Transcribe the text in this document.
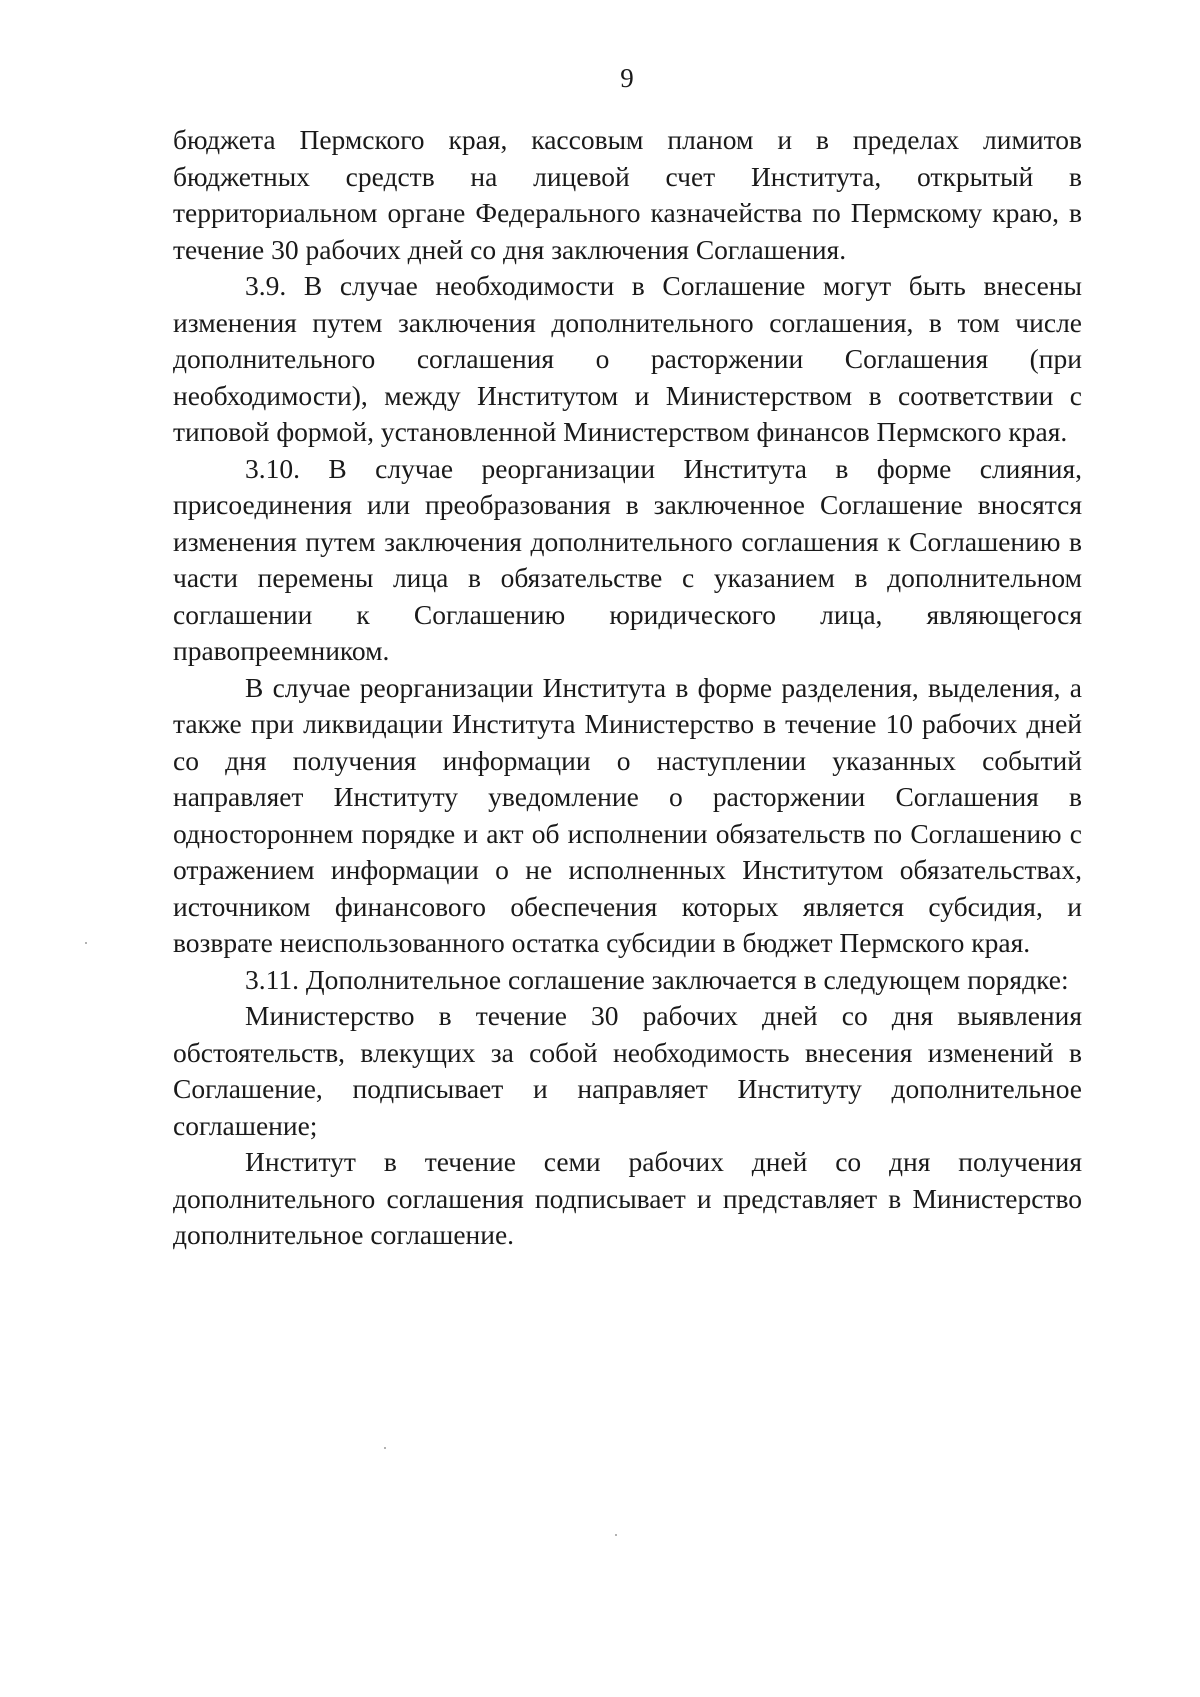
9

бюджета Пермского края, кассовым планом и в пределах лимитов бюджетных средств на лицевой счет Института, открытый в территориальном органе Федерального казначейства по Пермскому краю, в течение 30 рабочих дней со дня заключения Соглашения.

3.9. В случае необходимости в Соглашение могут быть внесены изменения путем заключения дополнительного соглашения, в том числе дополнительного соглашения о расторжении Соглашения (при необходимости), между Институтом и Министерством в соответствии с типовой формой, установленной Министерством финансов Пермского края.

3.10. В случае реорганизации Института в форме слияния, присоединения или преобразования в заключенное Соглашение вносятся изменения путем заключения дополнительного соглашения к Соглашению в части перемены лица в обязательстве с указанием в дополнительном соглашении к Соглашению юридического лица, являющегося правопреемником.

В случае реорганизации Института в форме разделения, выделения, а также при ликвидации Института Министерство в течение 10 рабочих дней со дня получения информации о наступлении указанных событий направляет Институту уведомление о расторжении Соглашения в одностороннем порядке и акт об исполнении обязательств по Соглашению с отражением информации о не исполненных Институтом обязательствах, источником финансового обеспечения которых является субсидия, и возврате неиспользованного остатка субсидии в бюджет Пермского края.

3.11. Дополнительное соглашение заключается в следующем порядке:

Министерство в течение 30 рабочих дней со дня выявления обстоятельств, влекущих за собой необходимость внесения изменений в Соглашение, подписывает и направляет Институту дополнительное соглашение;

Институт в течение семи рабочих дней со дня получения дополнительного соглашения подписывает и представляет в Министерство дополнительное соглашение.
